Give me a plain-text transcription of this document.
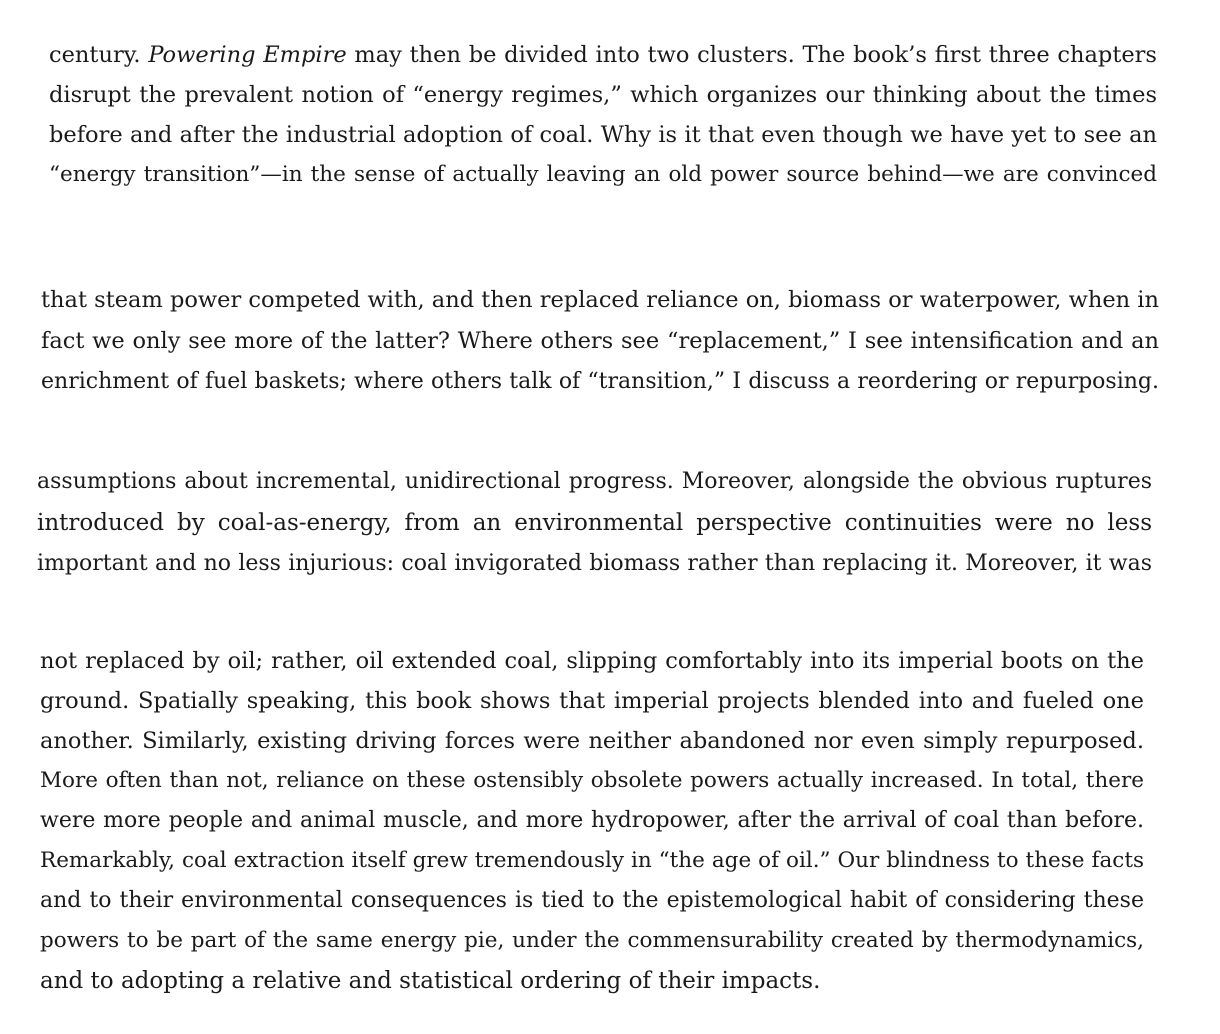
century. Powering Empire may then be divided into two clusters. The book’s first three chapters
disrupt the prevalent notion of “energy regimes,” which organizes our thinking about the times
before and after the industrial adoption of coal. Why is it that even though we have yet to see an
“energy transition”—in the sense of actually leaving an old power source behind—we are convinced
that steam power competed with, and then replaced reliance on, biomass or waterpower, when in
fact we only see more of the latter? Where others see “replacement,” I see intensification and an
enrichment of fuel baskets; where others talk of “transition,” I discuss a reordering or repurposing.
assumptions about incremental, unidirectional progress. Moreover, alongside the obvious ruptures
introduced by coal-as-energy, from an environmental perspective continuities were no less
important and no less injurious: coal invigorated biomass rather than replacing it. Moreover, it was
not replaced by oil; rather, oil extended coal, slipping comfortably into its imperial boots on the
ground. Spatially speaking, this book shows that imperial projects blended into and fueled one
another. Similarly, existing driving forces were neither abandoned nor even simply repurposed.
More often than not, reliance on these ostensibly obsolete powers actually increased. In total, there
were more people and animal muscle, and more hydropower, after the arrival of coal than before.
Remarkably, coal extraction itself grew tremendously in “the age of oil.” Our blindness to these facts
and to their environmental consequences is tied to the epistemological habit of considering these
powers to be part of the same energy pie, under the commensurability created by thermodynamics,
and to adopting a relative and statistical ordering of their impacts.
